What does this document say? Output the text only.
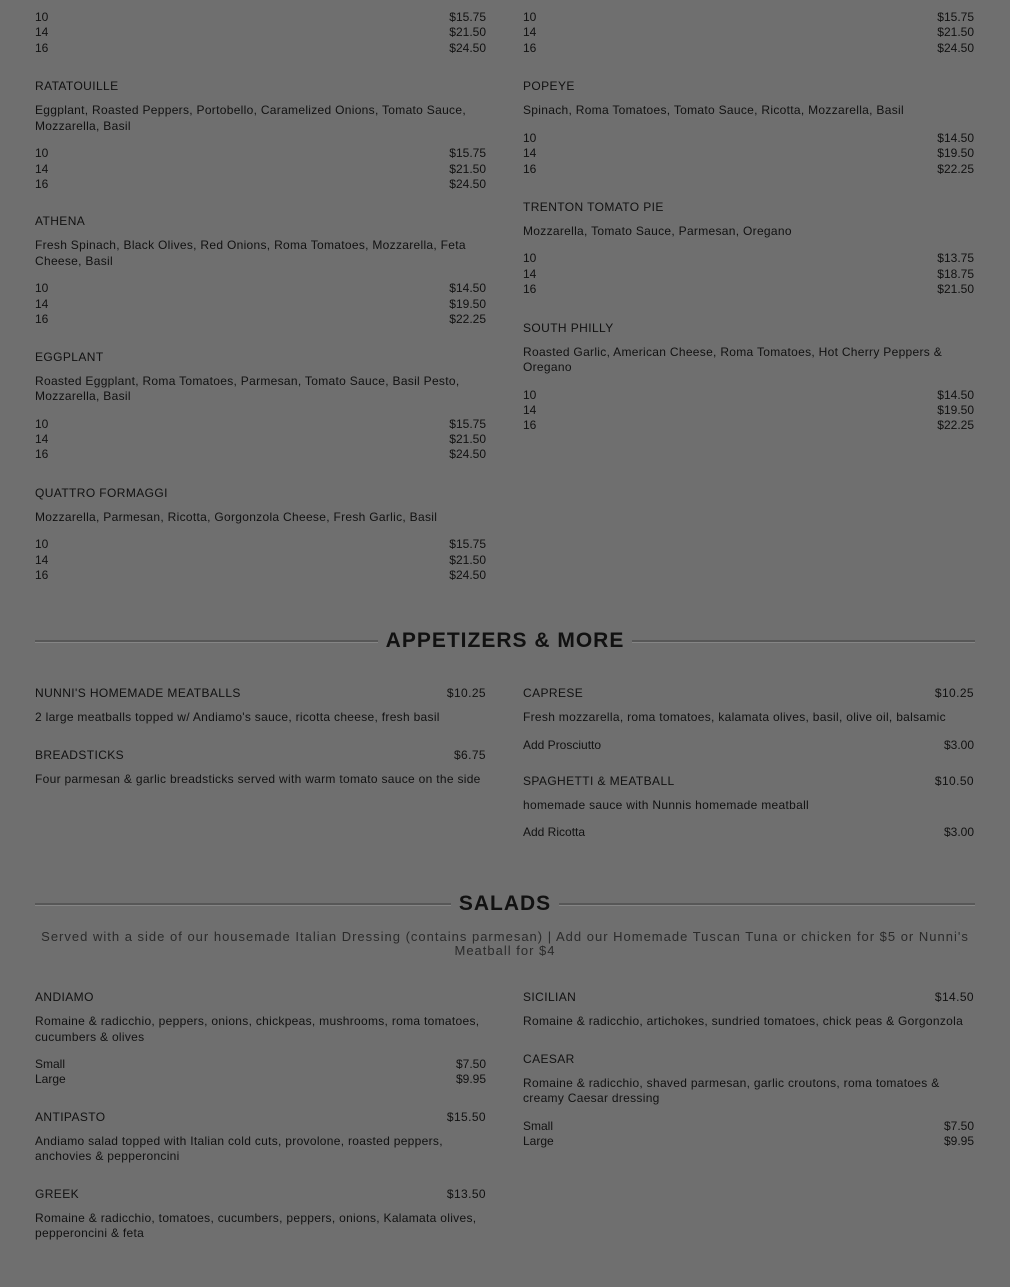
10	$15.75
14	$21.50
16	$24.50
RATATOUILLE
Eggplant, Roasted Peppers, Portobello, Caramelized Onions, Tomato Sauce, Mozzarella, Basil
10	$15.75
14	$21.50
16	$24.50
ATHENA
Fresh Spinach, Black Olives, Red Onions, Roma Tomatoes, Mozzarella, Feta Cheese, Basil
10	$14.50
14	$19.50
16	$22.25
EGGPLANT
Roasted Eggplant, Roma Tomatoes, Parmesan, Tomato Sauce, Basil Pesto, Mozzarella, Basil
10	$15.75
14	$21.50
16	$24.50
QUATTRO FORMAGGI
Mozzarella, Parmesan, Ricotta, Gorgonzola Cheese, Fresh Garlic, Basil
10	$15.75
14	$21.50
16	$24.50
10	$15.75
14	$21.50
16	$24.50
POPEYE
Spinach, Roma Tomatoes, Tomato Sauce, Ricotta, Mozzarella, Basil
10	$14.50
14	$19.50
16	$22.25
TRENTON TOMATO PIE
Mozzarella, Tomato Sauce, Parmesan, Oregano
10	$13.75
14	$18.75
16	$21.50
SOUTH PHILLY
Roasted Garlic, American Cheese, Roma Tomatoes, Hot Cherry Peppers & Oregano
10	$14.50
14	$19.50
16	$22.25
APPETIZERS & MORE
NUNNI'S HOMEMADE MEATBALLS	$10.25
2 large meatballs topped w/ Andiamo's sauce, ricotta cheese, fresh basil
BREADSTICKS	$6.75
Four parmesan & garlic breadsticks served with warm tomato sauce on the side
CAPRESE	$10.25
Fresh mozzarella, roma tomatoes, kalamata olives, basil, olive oil, balsamic
Add Prosciutto	$3.00
SPAGHETTI & MEATBALL	$10.50
homemade sauce with Nunnis homemade meatball
Add Ricotta	$3.00
SALADS
Served with a side of our housemade Italian Dressing (contains parmesan) | Add our Homemade Tuscan Tuna or chicken for $5 or Nunni's Meatball for $4
ANDIAMO
Romaine & radicchio, peppers, onions, chickpeas, mushrooms, roma tomatoes, cucumbers & olives
Small	$7.50
Large	$9.95
ANTIPASTO	$15.50
Andiamo salad topped with Italian cold cuts, provolone, roasted peppers, anchovies & pepperoncini
GREEK	$13.50
Romaine & radicchio, tomatoes, cucumbers, peppers, onions, Kalamata olives, pepperoncini & feta
SICILIAN	$14.50
Romaine & radicchio, artichokes, sundried tomatoes, chick peas & Gorgonzola
CAESAR
Romaine & radicchio, shaved parmesan, garlic croutons, roma tomatoes & creamy Caesar dressing
Small	$7.50
Large	$9.95
